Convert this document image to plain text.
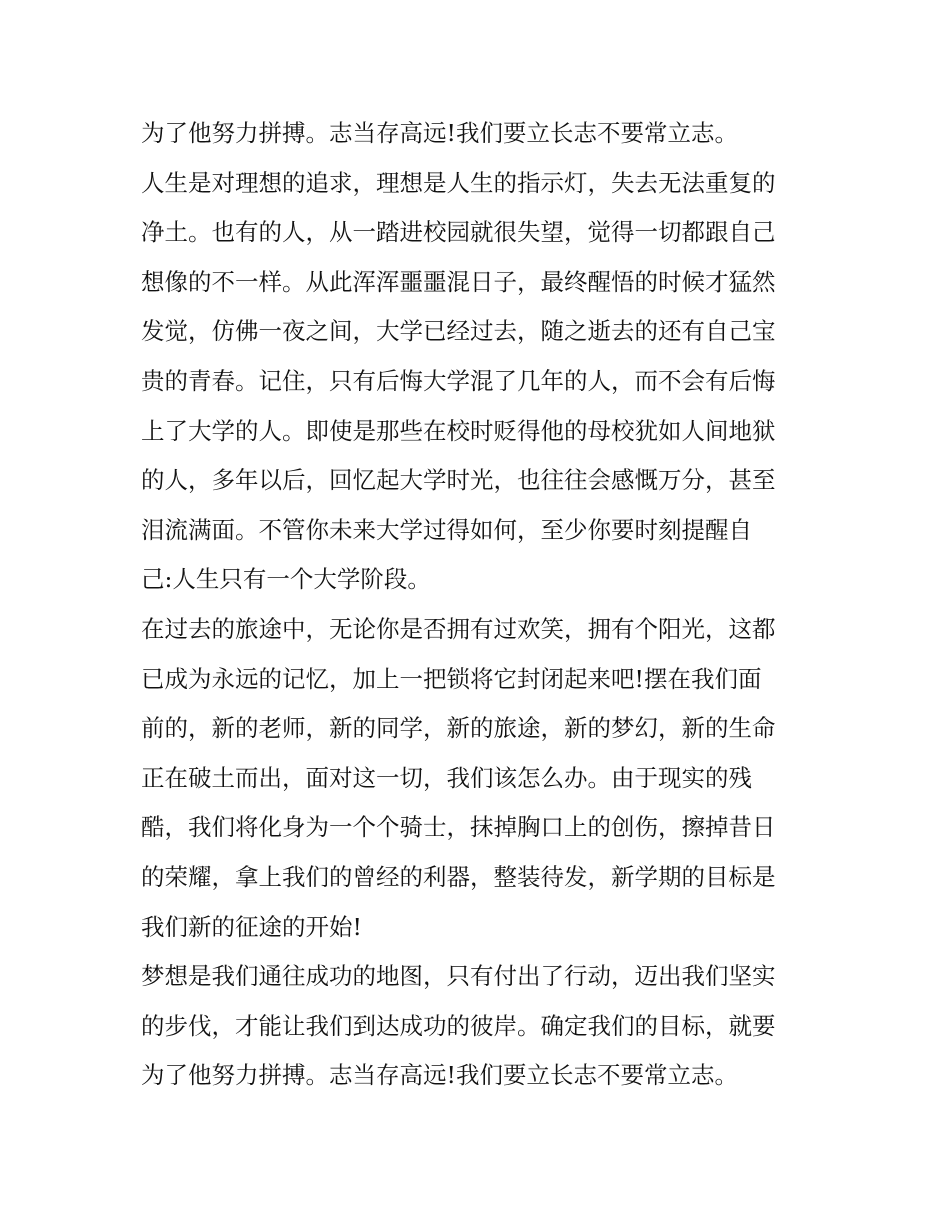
为了他努力拼搏。志当存高远!我们要立长志不要常立志。
人生是对理想的追求，理想是人生的指示灯，失去无法重复的
净土。也有的人，从一踏进校园就很失望，觉得一切都跟自己
想像的不一样。从此浑浑噩噩混日子，最终醒悟的时候才猛然
发觉，仿佛一夜之间，大学已经过去，随之逝去的还有自己宝
贵的青春。记住，只有后悔大学混了几年的人，而不会有后悔
上了大学的人。即使是那些在校时贬得他的母校犹如人间地狱
的人，多年以后，回忆起大学时光，也往往会感慨万分，甚至
泪流满面。不管你未来大学过得如何，至少你要时刻提醒自
己:人生只有一个大学阶段。
在过去的旅途中，无论你是否拥有过欢笑，拥有个阳光，这都
已成为永远的记忆，加上一把锁将它封闭起来吧!摆在我们面
前的，新的老师，新的同学，新的旅途，新的梦幻，新的生命
正在破土而出，面对这一切，我们该怎么办。由于现实的残
酷，我们将化身为一个个骑士，抹掉胸口上的创伤，擦掉昔日
的荣耀，拿上我们的曾经的利器，整装待发，新学期的目标是
我们新的征途的开始!
梦想是我们通往成功的地图，只有付出了行动，迈出我们坚实
的步伐，才能让我们到达成功的彼岸。确定我们的目标，就要
为了他努力拼搏。志当存高远!我们要立长志不要常立志。
